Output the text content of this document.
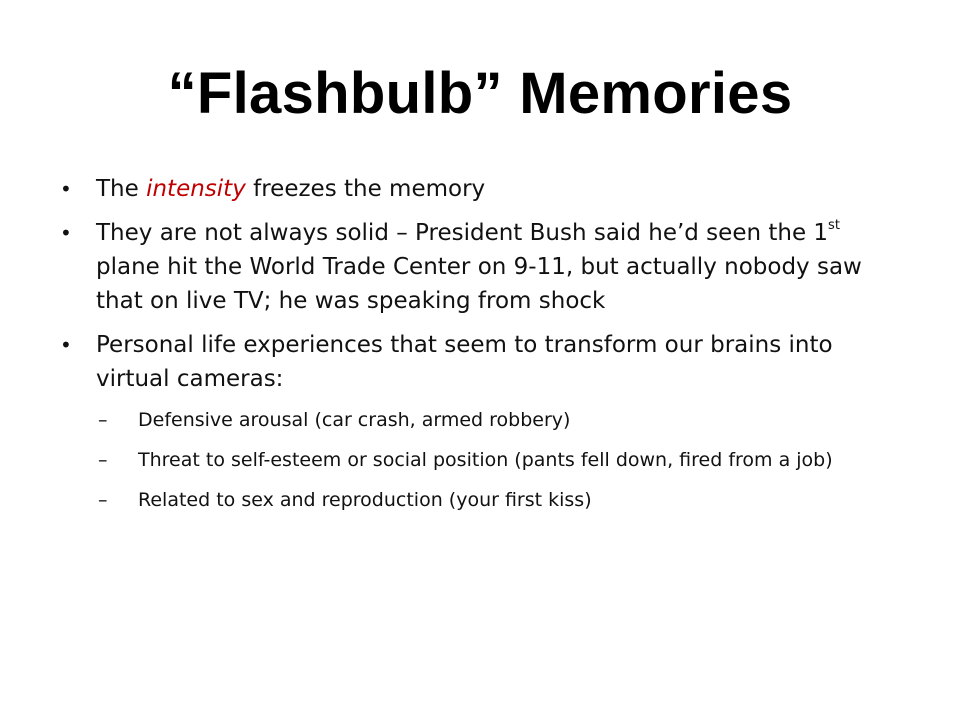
“Flashbulb” Memories
• The intensity freezes the memory
• They are not always solid – President Bush said he’d seen the 1st plane hit the World Trade Center on 9-11, but actually nobody saw that on live TV; he was speaking from shock
• Personal life experiences that seem to transform our brains into virtual cameras:
– Defensive arousal (car crash, armed robbery)
– Threat to self-esteem or social position (pants fell down, fired from a job)
– Related to sex and reproduction (your first kiss)
